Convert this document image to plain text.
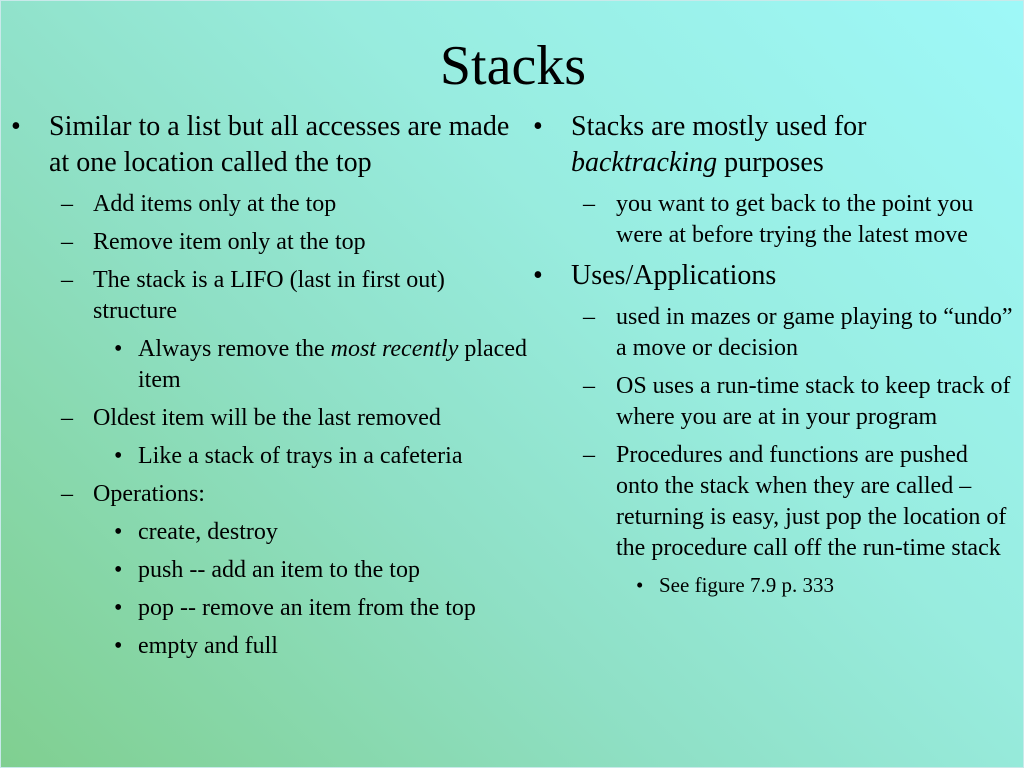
Stacks
• Similar to a list but all accesses are made at one location called the top
– Add items only at the top
– Remove item only at the top
– The stack is a LIFO (last in first out) structure
• Always remove the most recently placed item
– Oldest item will be the last removed
• Like a stack of trays in a cafeteria
– Operations:
• create, destroy
• push -- add an item to the top
• pop -- remove an item from the top
• empty and full
• Stacks are mostly used for backtracking purposes
– you want to get back to the point you were at before trying the latest move
• Uses/Applications
– used in mazes or game playing to “undo” a move or decision
– OS uses a run-time stack to keep track of where you are at in your program
– Procedures and functions are pushed onto the stack when they are called – returning is easy, just pop the location of the procedure call off the run-time stack
• See figure 7.9 p. 333
